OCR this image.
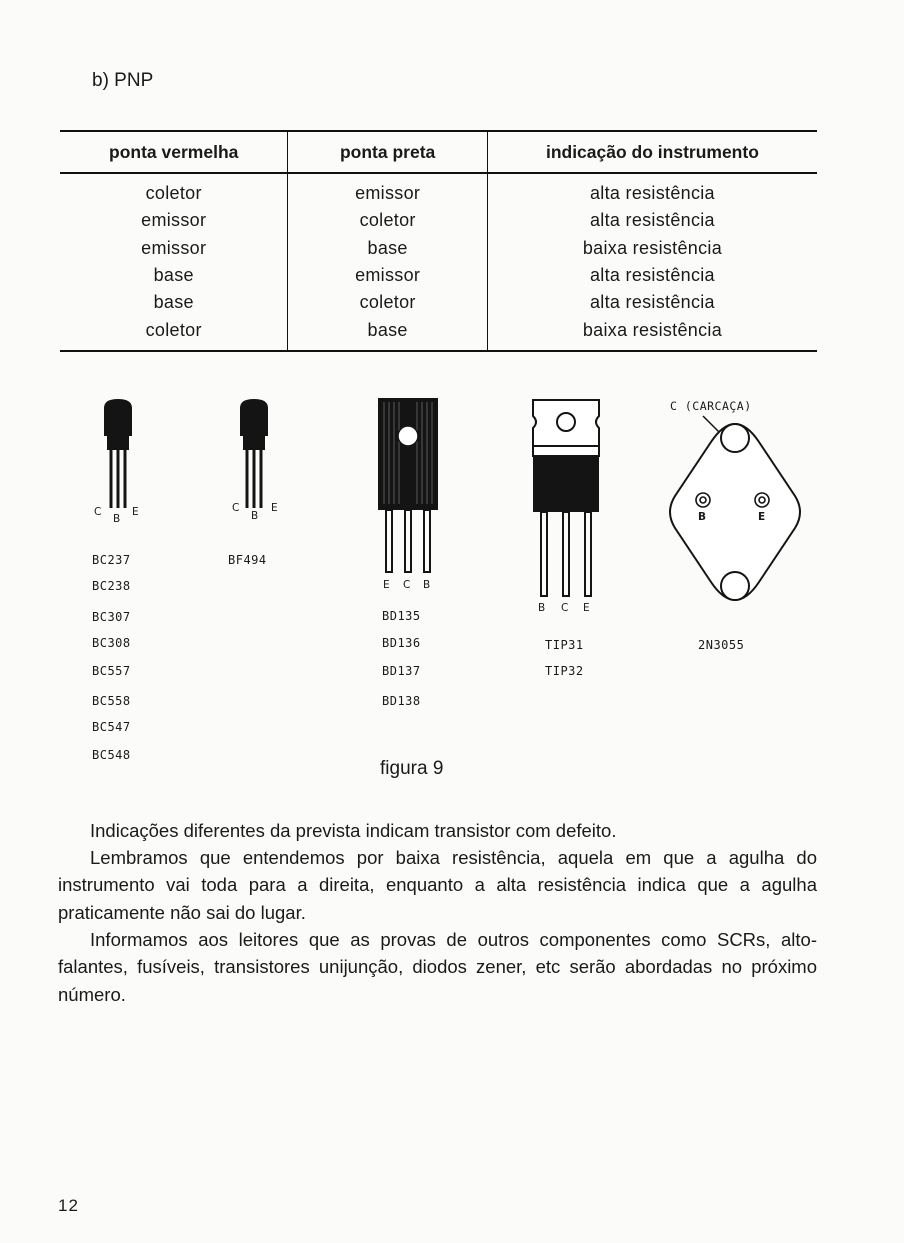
b) PNP
ponta vermelha	ponta preta	indicação do instrumento
coletor	emissor	alta resistência
emissor	coletor	alta resistência
emissor	base	baixa resistência
base	emissor	alta resistência
base	coletor	alta resistência
coletor	base	baixa resistência
C
B
E	C
B
E
E C B
B C E
C (CARCAÇA)
B	E
BC237
BC238
BC307
BC308
BC557
BC558
BC547
BC548
BF494
BD135
BD136
BD137
BD138
TIP31
TIP32
2N3055
figura 9

Indicações diferentes da prevista indicam transistor com defeito.

Lembramos que entendemos por baixa resistência, aquela em que a agulha do instrumento vai toda para a direita, enquanto a alta resistência indica que a agulha praticamente não sai do lugar.

Informamos aos leitores que as provas de outros componentes como SCRs, alto-falantes, fusíveis, transistores unijunção, diodos zener, etc serão abordadas no próximo número.

12
